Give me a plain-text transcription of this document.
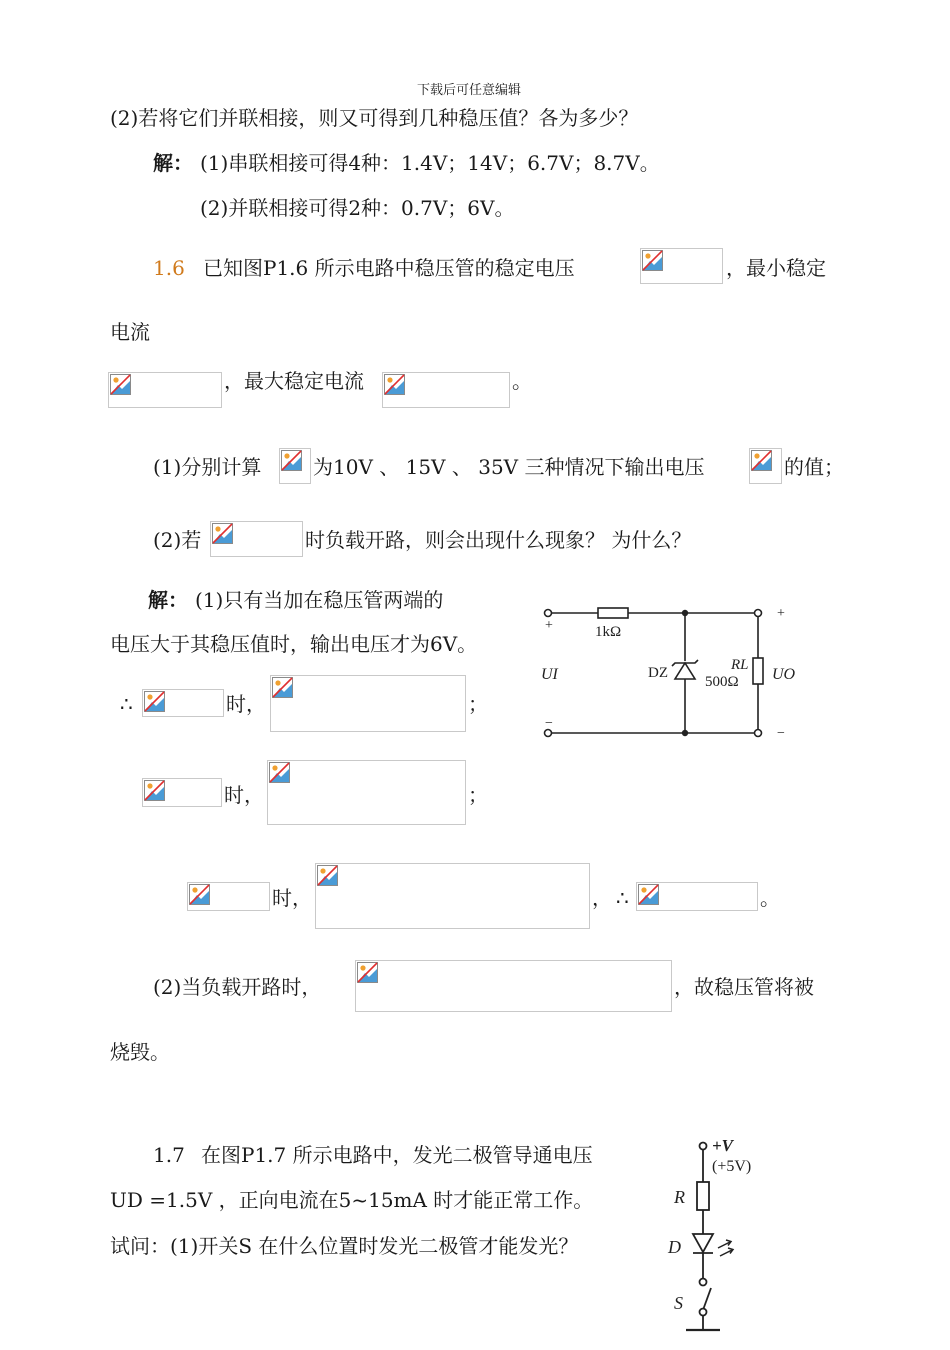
下载后可任意编辑
(2)若将它们并联相接，则又可得到几种稳压值？各为多少？
解： (1)串联相接可得4种：1.4V；14V；6.7V；8.7V。
(2)并联相接可得2种：0.7V；6V。
1.6 已知图P1.6 所示电路中稳压管的稳定电压	，最小稳定
电流
，最大稳定电流	。
(1)分别计算	为10V 、 15V 、 35V 三种情况下输出电压	的值；
(2)若	时负载开路，则会出现什么现象？ 为什么？
解： (1)只有当加在稳压管两端的
电压大于其稳压值时，输出电压才为6V。
∴	时，	；
时，	；
时，	， ∴	。
(2)当负载开路时，	，故稳压管将被
烧毁。
+
−
+
−
1kΩ
UI	DZ	RL
500Ω UO
1.7 在图P1.7 所示电路中，发光二极管导通电压
UD =1.5V ，正向电流在5~15mA 时才能正常工作。
试问：(1)开关S 在什么位置时发光二极管才能发光？
+V
(+5V)
R
D
S
